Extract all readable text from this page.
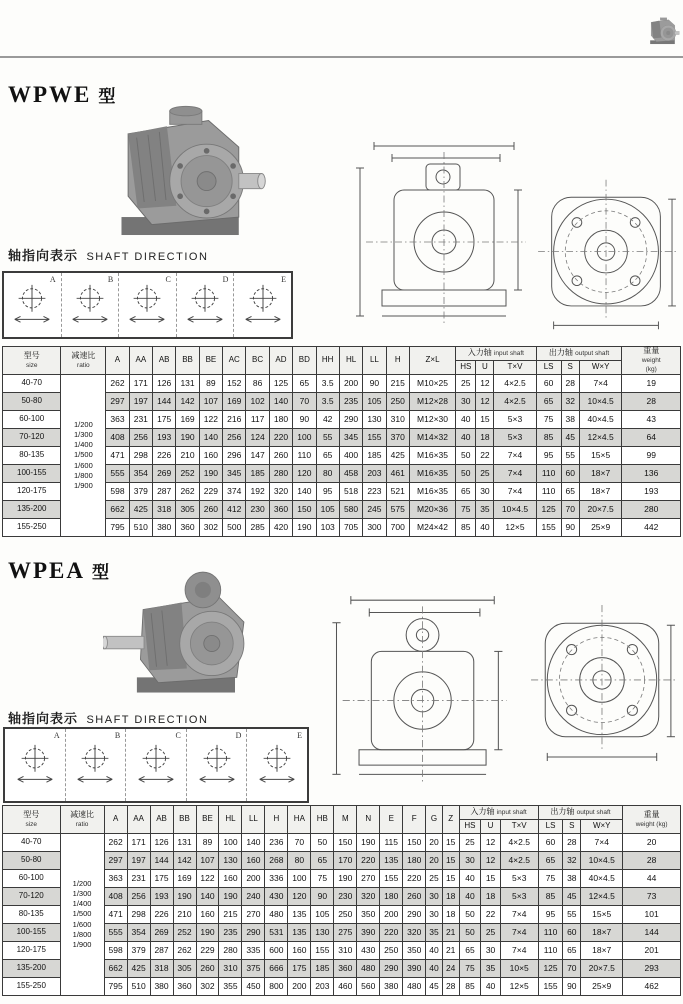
WPWE 型
轴指向表示 SHAFT DIRECTION
A	B	C	D	E
型号
size	减速比
ratio	A	AA	AB	BB	BE	AC	BC	AD	BD	HH	HL	LL	H	Z×L	入力轴 input shaft			出力轴 output shaft			重量
weight
(kg)
																HS	U	T×V	LS	S	W×Y	
40-70	1/200
1/300
1/400
1/500
1/600
1/800
1/900	262	171	126	131	89	152	86	125	65	3.5	200	90	215	M10×25	25	12	4×2.5	60	28	7×4	19
50-80		297	197	144	142	107	169	102	140	70	3.5	235	105	250	M12×28	30	12	4×2.5	65	32	10×4.5	28
60-100		363	231	175	169	122	216	117	180	90	42	290	130	310	M12×30	40	15	5×3	75	38	40×4.5	43
70-120		408	256	193	190	140	256	124	220	100	55	345	155	370	M14×32	40	18	5×3	85	45	12×4.5	64
80-135		471	298	226	210	160	296	147	260	110	65	400	185	425	M16×35	50	22	7×4	95	55	15×5	99
100-155		555	354	269	252	190	345	185	280	120	80	458	203	461	M16×35	50	25	7×4	110	60	18×7	136
120-175		598	379	287	262	229	374	192	320	140	95	518	223	521	M16×35	65	30	7×4	110	65	18×7	193
135-200		662	425	318	305	260	412	230	360	150	105	580	245	575	M20×36	75	35	10×4.5	125	70	20×7.5	280
155-250		795	510	380	360	302	500	285	420	190	103	705	300	700	M24×42	85	40	12×5	155	90	25×9	442
WPEA 型
轴指向表示 SHAFT DIRECTION
A	B	C	D	E
型号
size	减速比
ratio	A	AA	AB	BB	BE	HL	LL	H	HA	HB	M	N	E	F	G	Z	入力轴 input shaft			出力轴 output shaft			重量
weight (kg)
																		HS	U	T×V	LS	S	W×Y	
40-70	1/200
1/300
1/400
1/500
1/600
1/800
1/900	262	171	126	131	89	100	140	236	70	50	150	190	115	150	20	15	25	12	4×2.5	60	28	7×4	20
50-80		297	197	144	142	107	130	160	268	80	65	170	220	135	180	20	15	30	12	4×2.5	65	32	10×4.5	28
60-100		363	231	175	169	122	160	200	336	100	75	190	270	155	220	25	15	40	15	5×3	75	38	40×4.5	44
70-120		408	256	193	190	140	190	240	430	120	90	230	320	180	260	30	18	40	18	5×3	85	45	12×4.5	73
80-135		471	298	226	210	160	215	270	480	135	105	250	350	200	290	30	18	50	22	7×4	95	55	15×5	101
100-155		555	354	269	252	190	235	290	531	135	130	275	390	220	320	35	21	50	25	7×4	110	60	18×7	144
120-175		598	379	287	262	229	280	335	600	160	155	310	430	250	350	40	21	65	30	7×4	110	65	18×7	201
135-200		662	425	318	305	260	310	375	666	175	185	360	480	290	390	40	24	75	35	10×5	125	70	20×7.5	293
155-250		795	510	380	360	302	355	450	800	200	203	460	560	380	480	45	28	85	40	12×5	155	90	25×9	462
